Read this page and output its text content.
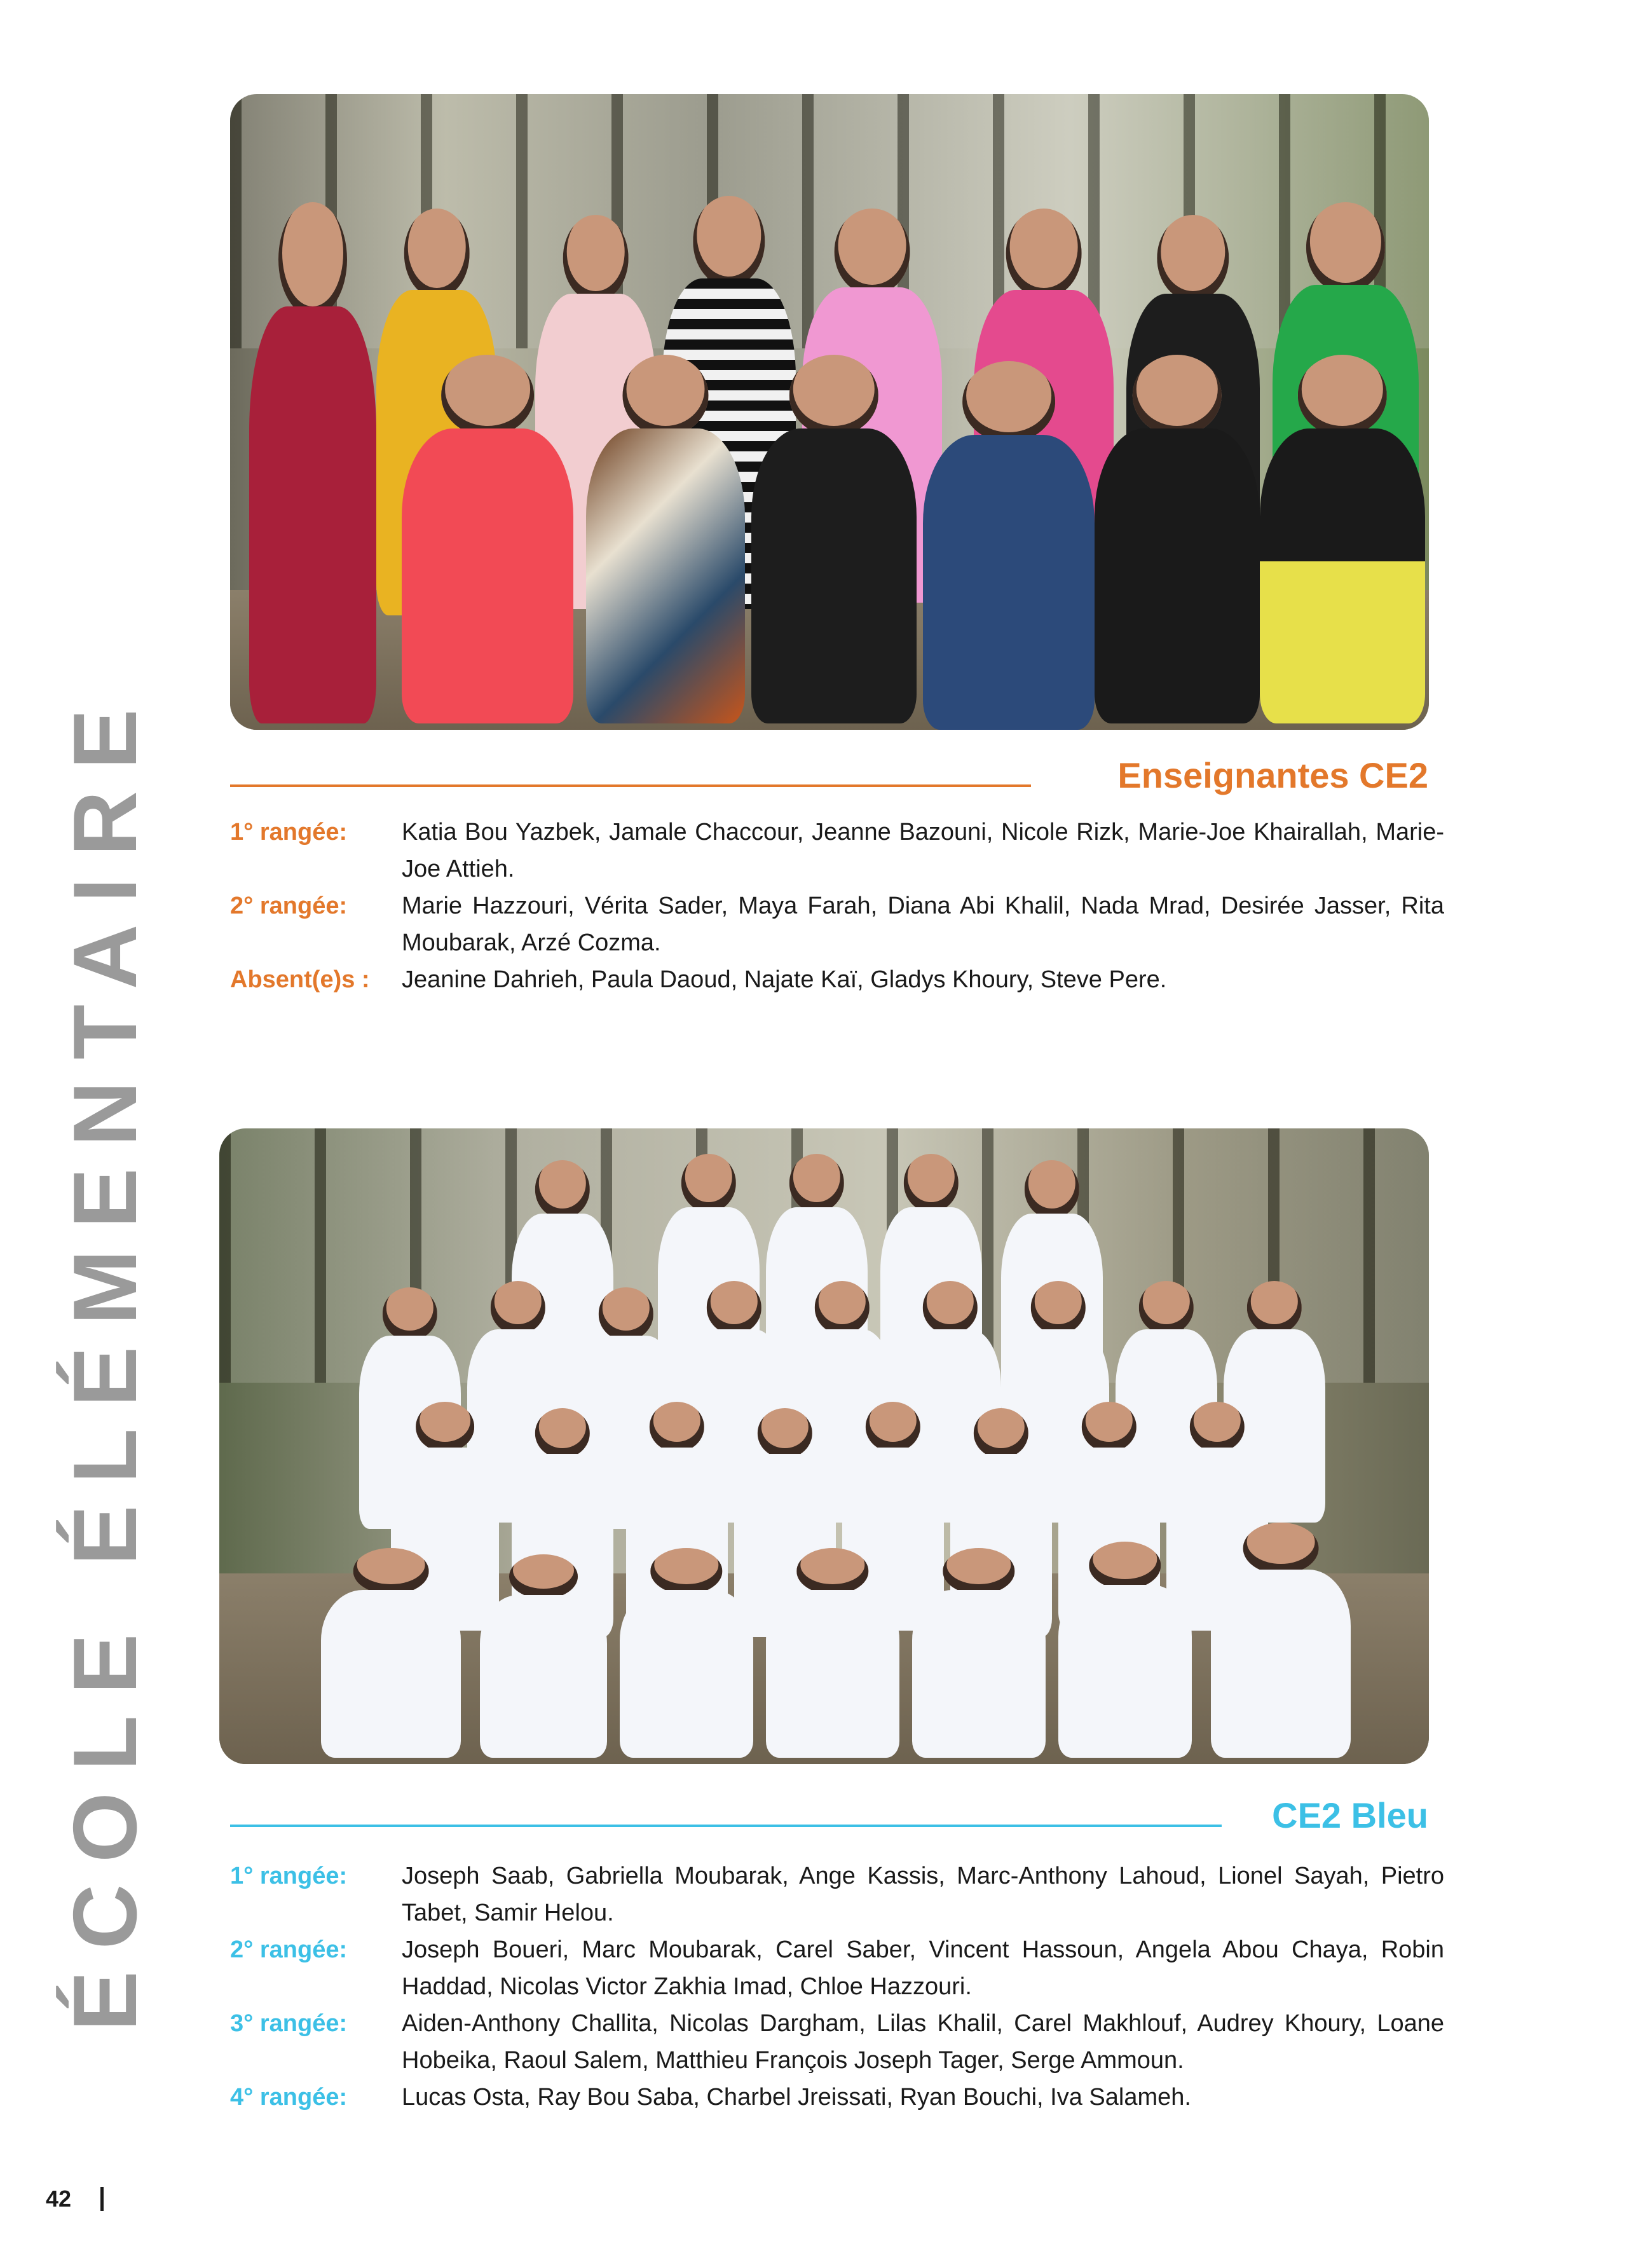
ÉCOLE ÉLÉMENTAIRE	Enseignantes CE2
1° rangée:	Katia Bou Yazbek, Jamale Chaccour, Jeanne Bazouni, Nicole Rizk, Marie-Joe Khairallah, Marie-Joe Attieh.
2° rangée:	Marie Hazzouri, Vérita Sader, Maya Farah, Diana Abi Khalil, Nada Mrad, Desirée Jasser, Rita Moubarak, Arzé Cozma.
Absent(e)s :	Jeanine Dahrieh, Paula Daoud, Najate Kaï, Gladys Khoury, Steve Pere.
CE2 Bleu
1° rangée:	Joseph Saab, Gabriella Moubarak, Ange Kassis, Marc-Anthony Lahoud, Lionel Sayah, Pietro Tabet, Samir Helou.
2° rangée:	Joseph Boueri, Marc Moubarak, Carel Saber, Vincent Hassoun, Angela Abou Chaya, Robin Haddad, Nicolas Victor Zakhia Imad, Chloe Hazzouri.
3° rangée:	Aiden-Anthony Challita, Nicolas Dargham, Lilas Khalil, Carel Makhlouf, Audrey Khoury, Loane Hobeika, Raoul Salem, Matthieu François Joseph Tager, Serge Ammoun.
4° rangée:	Lucas Osta, Ray Bou Saba, Charbel Jreissati, Ryan Bouchi, Iva Salameh.
42
